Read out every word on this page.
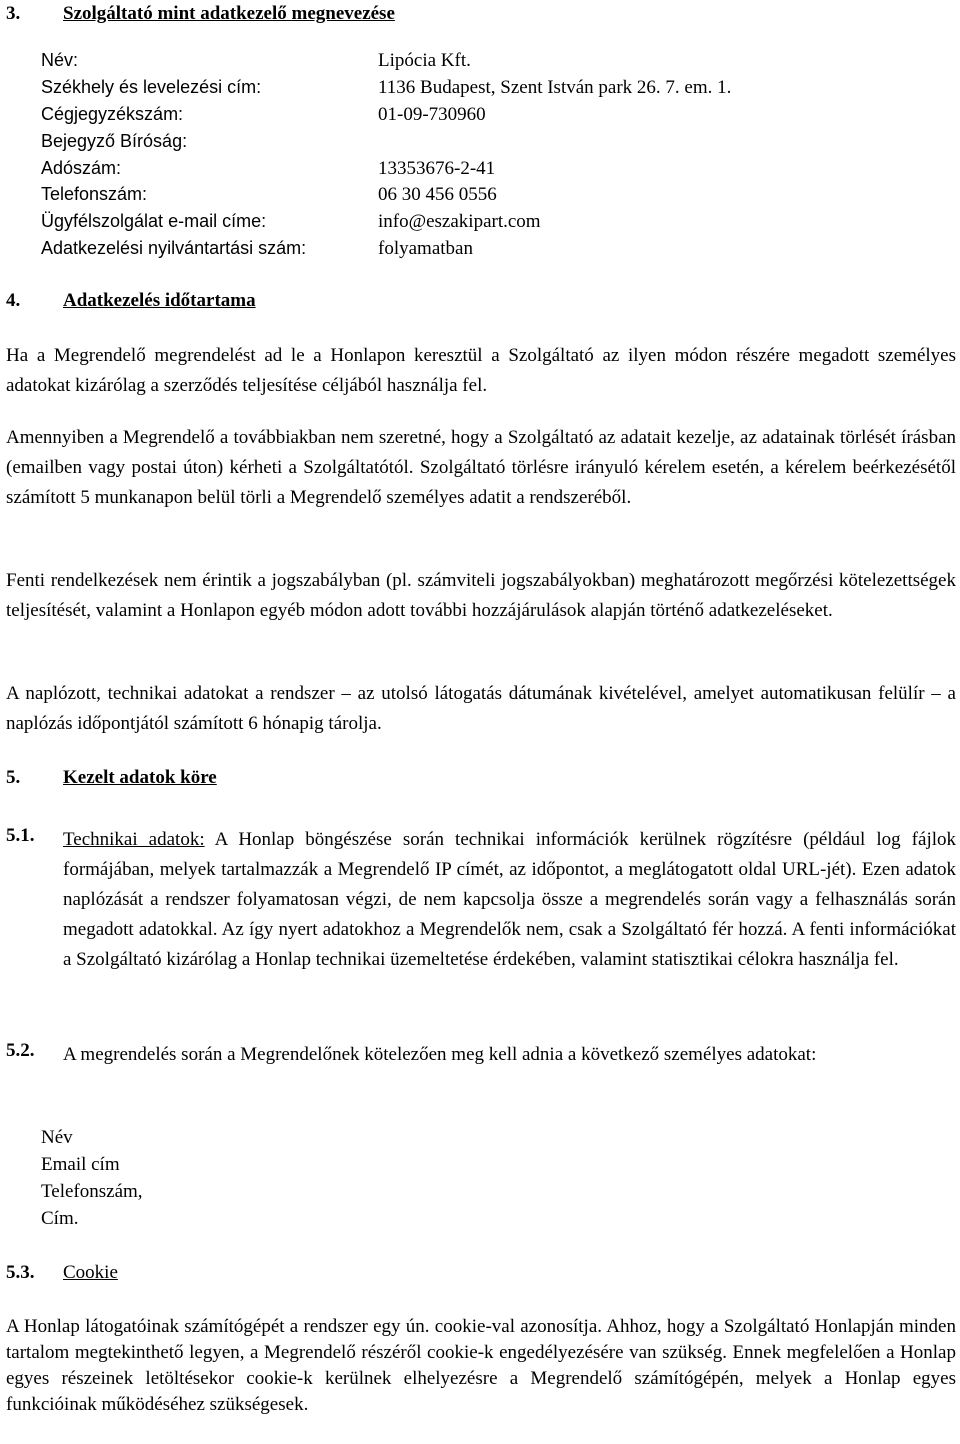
3. Szolgáltató mint adatkezelő megnevezése
Név:	Lipócia Kft.
Székhely és levelezési cím:	1136 Budapest, Szent István park 26. 7. em. 1.
Cégjegyzékszám:	01-09-730960
Bejegyző Bíróság:
Adószám:	13353676-2-41
Telefonszám:	06 30 456 0556
Ügyfélszolgálat e-mail címe:	info@eszakipart.com
Adatkezelési nyilvántartási szám:	folyamatban
4. Adatkezelés időtartama
Ha a Megrendelő megrendelést ad le a Honlapon keresztül a Szolgáltató az ilyen módon részére megadott személyes adatokat kizárólag a szerződés teljesítése céljából használja fel.
Amennyiben a Megrendelő a továbbiakban nem szeretné, hogy a Szolgáltató az adatait kezelje, az adatainak törlését írásban (emailben vagy postai úton) kérheti a Szolgáltatótól. Szolgáltató törlésre irányuló kérelem esetén, a kérelem beérkezésétől számított 5 munkanapon belül törli a Megrendelő személyes adatit a rendszeréből.
Fenti rendelkezések nem érintik a jogszabályban (pl. számviteli jogszabályokban) meghatározott megőrzési kötelezettségek teljesítését, valamint a Honlapon egyéb módon adott további hozzájárulások alapján történő adatkezeléseket.
A naplózott, technikai adatokat a rendszer – az utolsó látogatás dátumának kivételével, amelyet automatikusan felülír – a naplózás időpontjától számított 6 hónapig tárolja.
5. Kezelt adatok köre
5.1. Technikai adatok: A Honlap böngészése során technikai információk kerülnek rögzítésre (például log fájlok formájában, melyek tartalmazzák a Megrendelő IP címét, az időpontot, a meglátogatott oldal URL-jét). Ezen adatok naplózását a rendszer folyamatosan végzi, de nem kapcsolja össze a megrendelés során vagy a felhasználás során megadott adatokkal. Az így nyert adatokhoz a Megrendelők nem, csak a Szolgáltató fér hozzá. A fenti információkat a Szolgáltató kizárólag a Honlap technikai üzemeltetése érdekében, valamint statisztikai célokra használja fel.
5.2. A megrendelés során a Megrendelőnek kötelezően meg kell adnia a következő személyes adatokat:
Név
Email cím
Telefonszám,
Cím.
5.3. Cookie
A Honlap látogatóinak számítógépét a rendszer egy ún. cookie-val azonosítja. Ahhoz, hogy a Szolgáltató Honlapján minden tartalom megtekinthető legyen, a Megrendelő részéről cookie-k engedélyezésére van szükség. Ennek megfelelően a Honlap egyes részeinek letöltésekor cookie-k kerülnek elhelyezésre a Megrendelő számítógépén, melyek a Honlap egyes funkcióinak működéséhez szükségesek.
